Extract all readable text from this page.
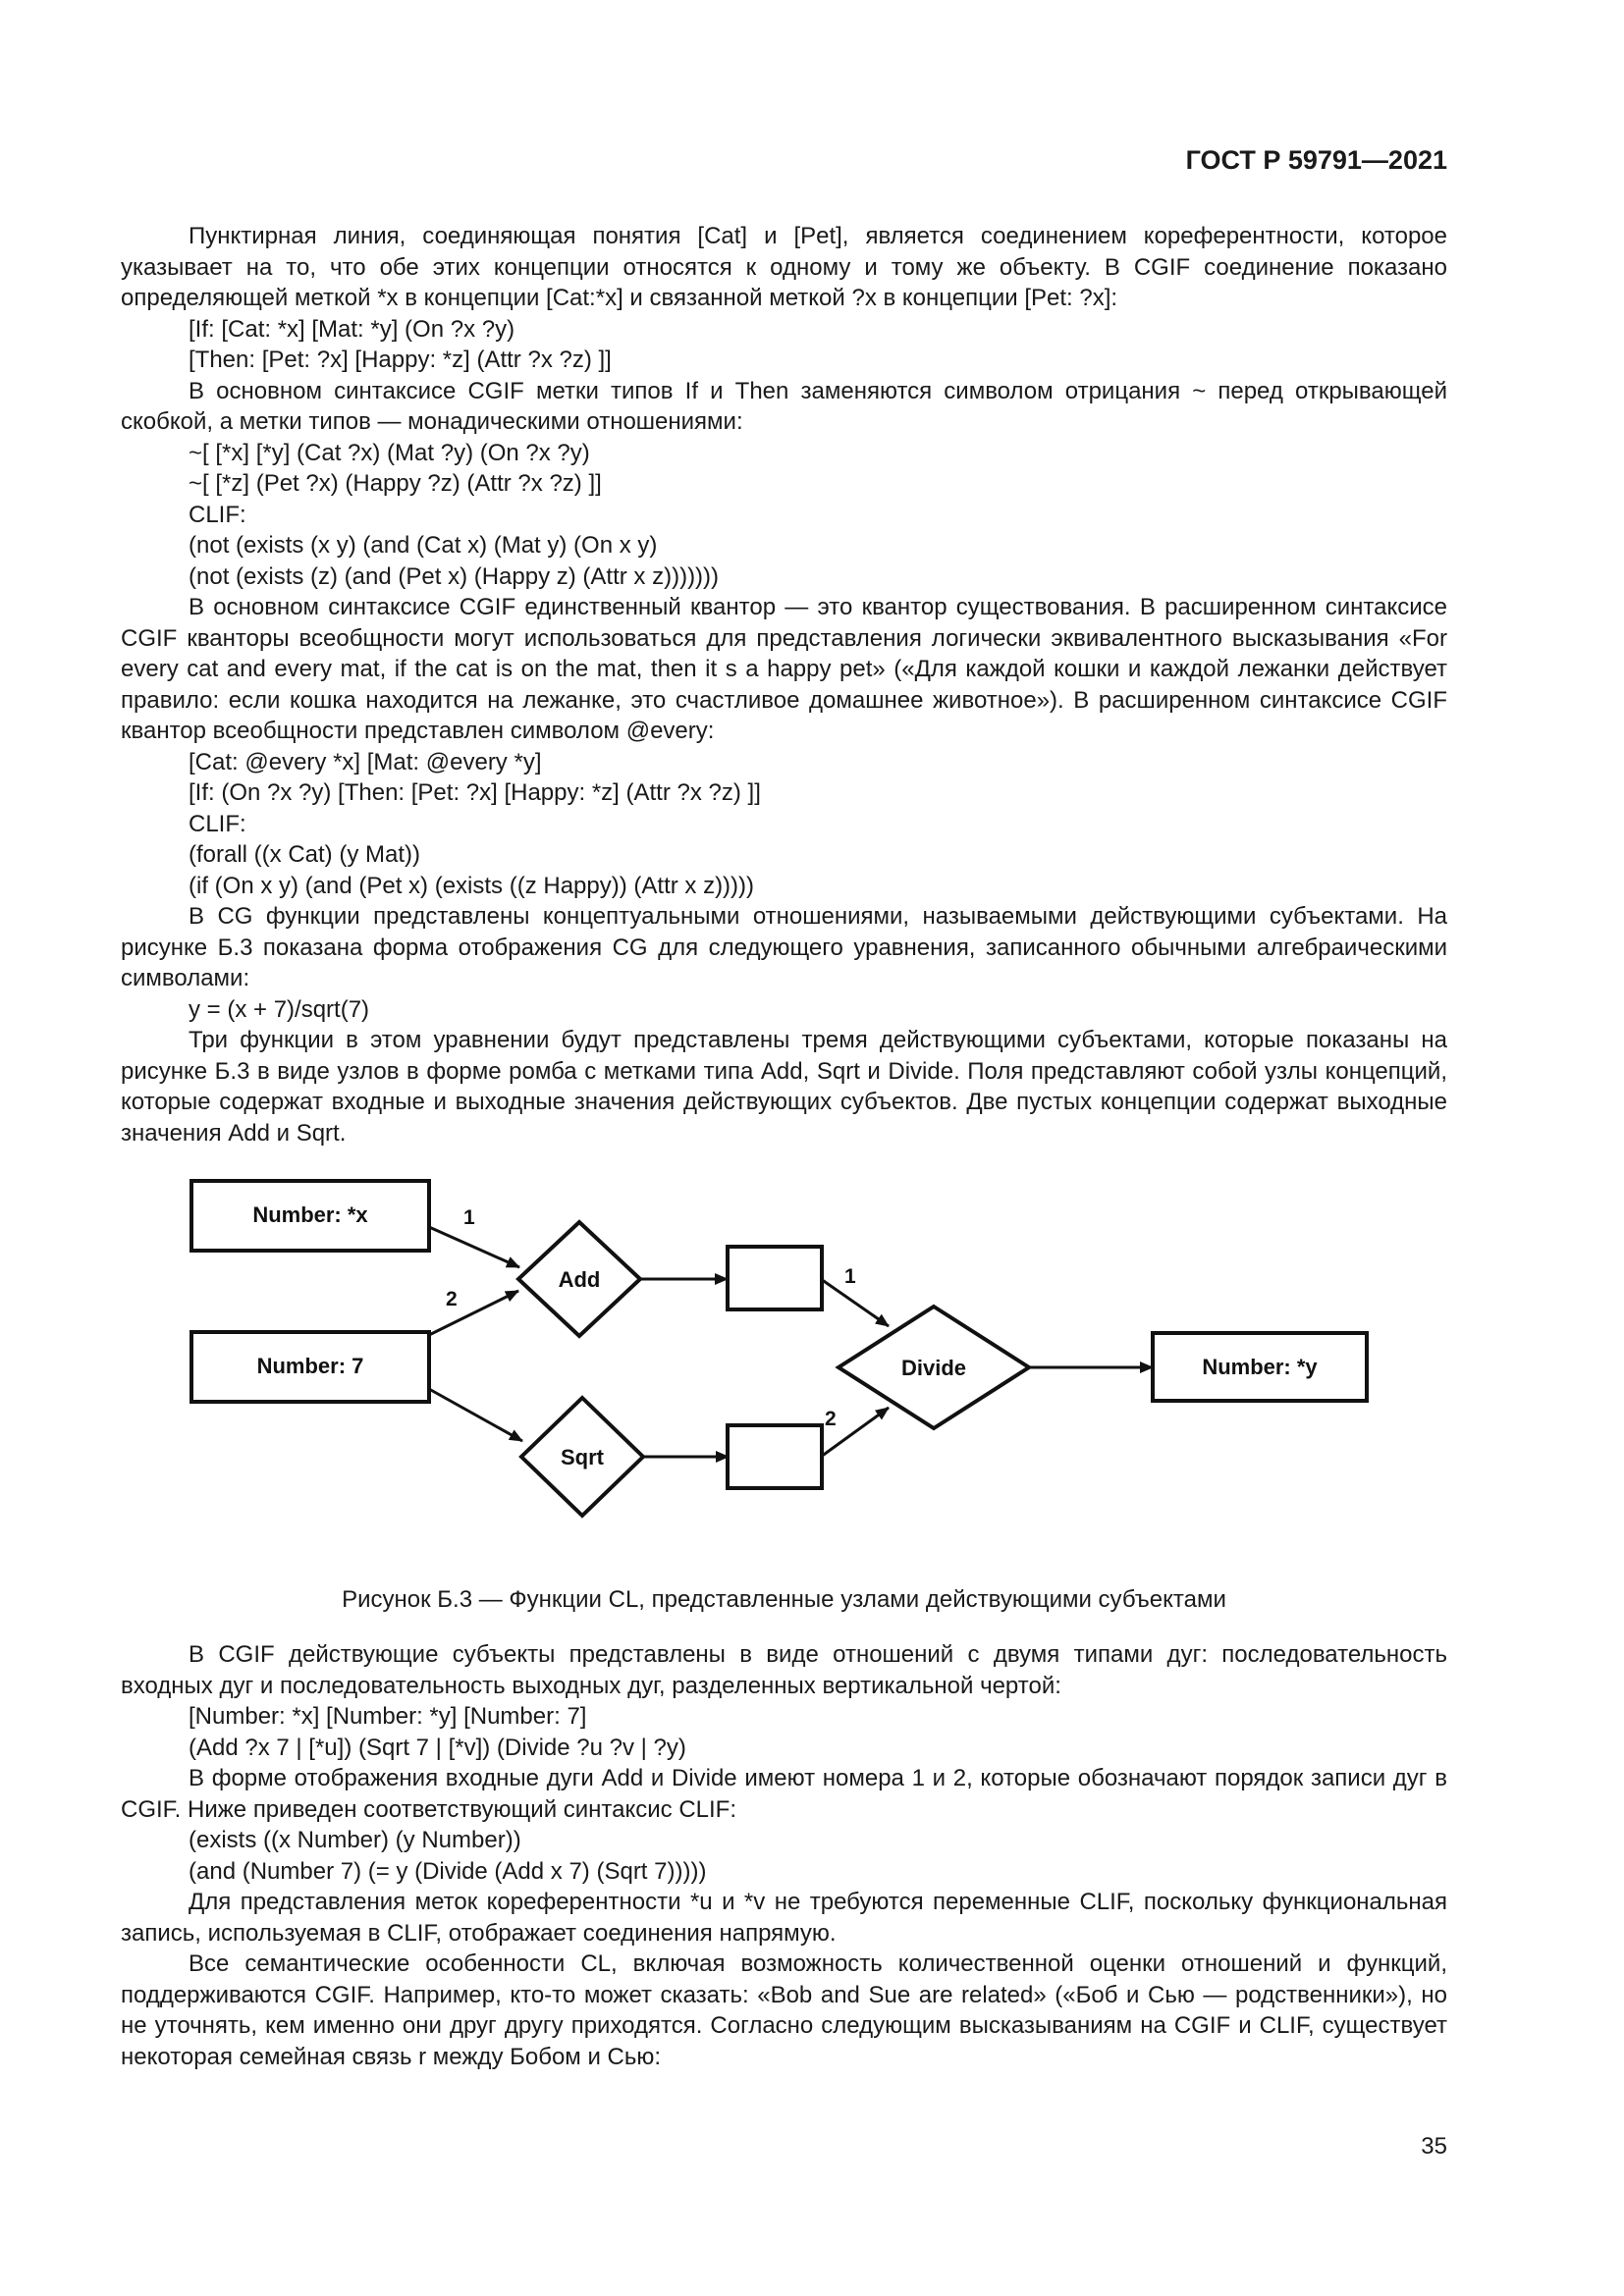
ГОСТ Р 59791—2021

Пунктирная линия, соединяющая понятия [Cat] и [Pet], является соединением кореферентности, которое указывает на то, что обе этих концепции относятся к одному и тому же объекту. В CGIF соединение показано определяющей меткой *x в концепции [Cat:*x] и связанной меткой ?x в концепции [Pet: ?x]:

[If: [Cat: *x] [Mat: *y] (On ?x ?y)

[Then: [Pet: ?x] [Happy: *z] (Attr ?x ?z) ]]

В основном синтаксисе CGIF метки типов If и Then заменяются символом отрицания ~ перед открывающей скобкой, а метки типов — монадическими отношениями:

~[ [*x] [*y] (Cat ?x) (Mat ?y) (On ?x ?y)

~[ [*z] (Pet ?x) (Happy ?z) (Attr ?x ?z) ]]

CLIF:

(not (exists (x y) (and (Cat x) (Mat y) (On x y)

(not (exists (z) (and (Pet x) (Happy z) (Attr x z)))))))

В основном синтаксисе CGIF единственный квантор — это квантор существования. В расширенном синтаксисе CGIF кванторы всеобщности могут использоваться для представления логически эквивалентного высказывания «For every cat and every mat, if the cat is on the mat, then it s a happy pet» («Для каждой кошки и каждой лежанки действует правило: если кошка находится на лежанке, это счастливое домашнее животное»). В расширенном синтаксисе CGIF квантор всеобщности представлен символом @every:

[Cat: @every *x] [Mat: @every *y]

[If: (On ?x ?y) [Then: [Pet: ?x] [Happy: *z] (Attr ?x ?z) ]]

CLIF:

(forall ((x Cat) (y Mat))

(if (On x y) (and (Pet x) (exists ((z Happy)) (Attr x z)))))

В CG функции представлены концептуальными отношениями, называемыми действующими субъектами. На рисунке Б.3 показана форма отображения CG для следующего уравнения, записанного обычными алгебраическими символами:

y = (x + 7)/sqrt(7)

Три функции в этом уравнении будут представлены тремя действующими субъектами, которые показаны на рисунке Б.3 в виде узлов в форме ромба с метками типа Add, Sqrt и Divide. Поля представляют собой узлы концепций, которые содержат входные и выходные значения действующих субъектов. Две пустых концепции содержат выходные значения Add и Sqrt.

Number: *x
Number: 7	Number: *y
Add
Sqrt
Divide
1
2
1
2
Рисунок Б.3 — Функции CL, представленные узлами действующими субъектами

В CGIF действующие субъекты представлены в виде отношений с двумя типами дуг: последовательность входных дуг и последовательность выходных дуг, разделенных вертикальной чертой:

[Number: *x] [Number: *y] [Number: 7]

(Add ?x 7 | [*u]) (Sqrt 7 | [*v]) (Divide ?u ?v | ?y)

В форме отображения входные дуги Add и Divide имеют номера 1 и 2, которые обозначают порядок записи дуг в CGIF. Ниже приведен соответствующий синтаксис CLIF:

(exists ((x Number) (y Number))

(and (Number 7) (= y (Divide (Add x 7) (Sqrt 7)))))

Для представления меток кореферентности *u и *v не требуются переменные CLIF, поскольку функциональная запись, используемая в CLIF, отображает соединения напрямую.

Все семантические особенности CL, включая возможность количественной оценки отношений и функций, поддерживаются CGIF. Например, кто-то может сказать: «Bob and Sue are related» («Боб и Сью — родственники»), но не уточнять, кем именно они друг другу приходятся. Согласно следующим высказываниям на CGIF и CLIF, существует некоторая семейная связь r между Бобом и Сью:

35
